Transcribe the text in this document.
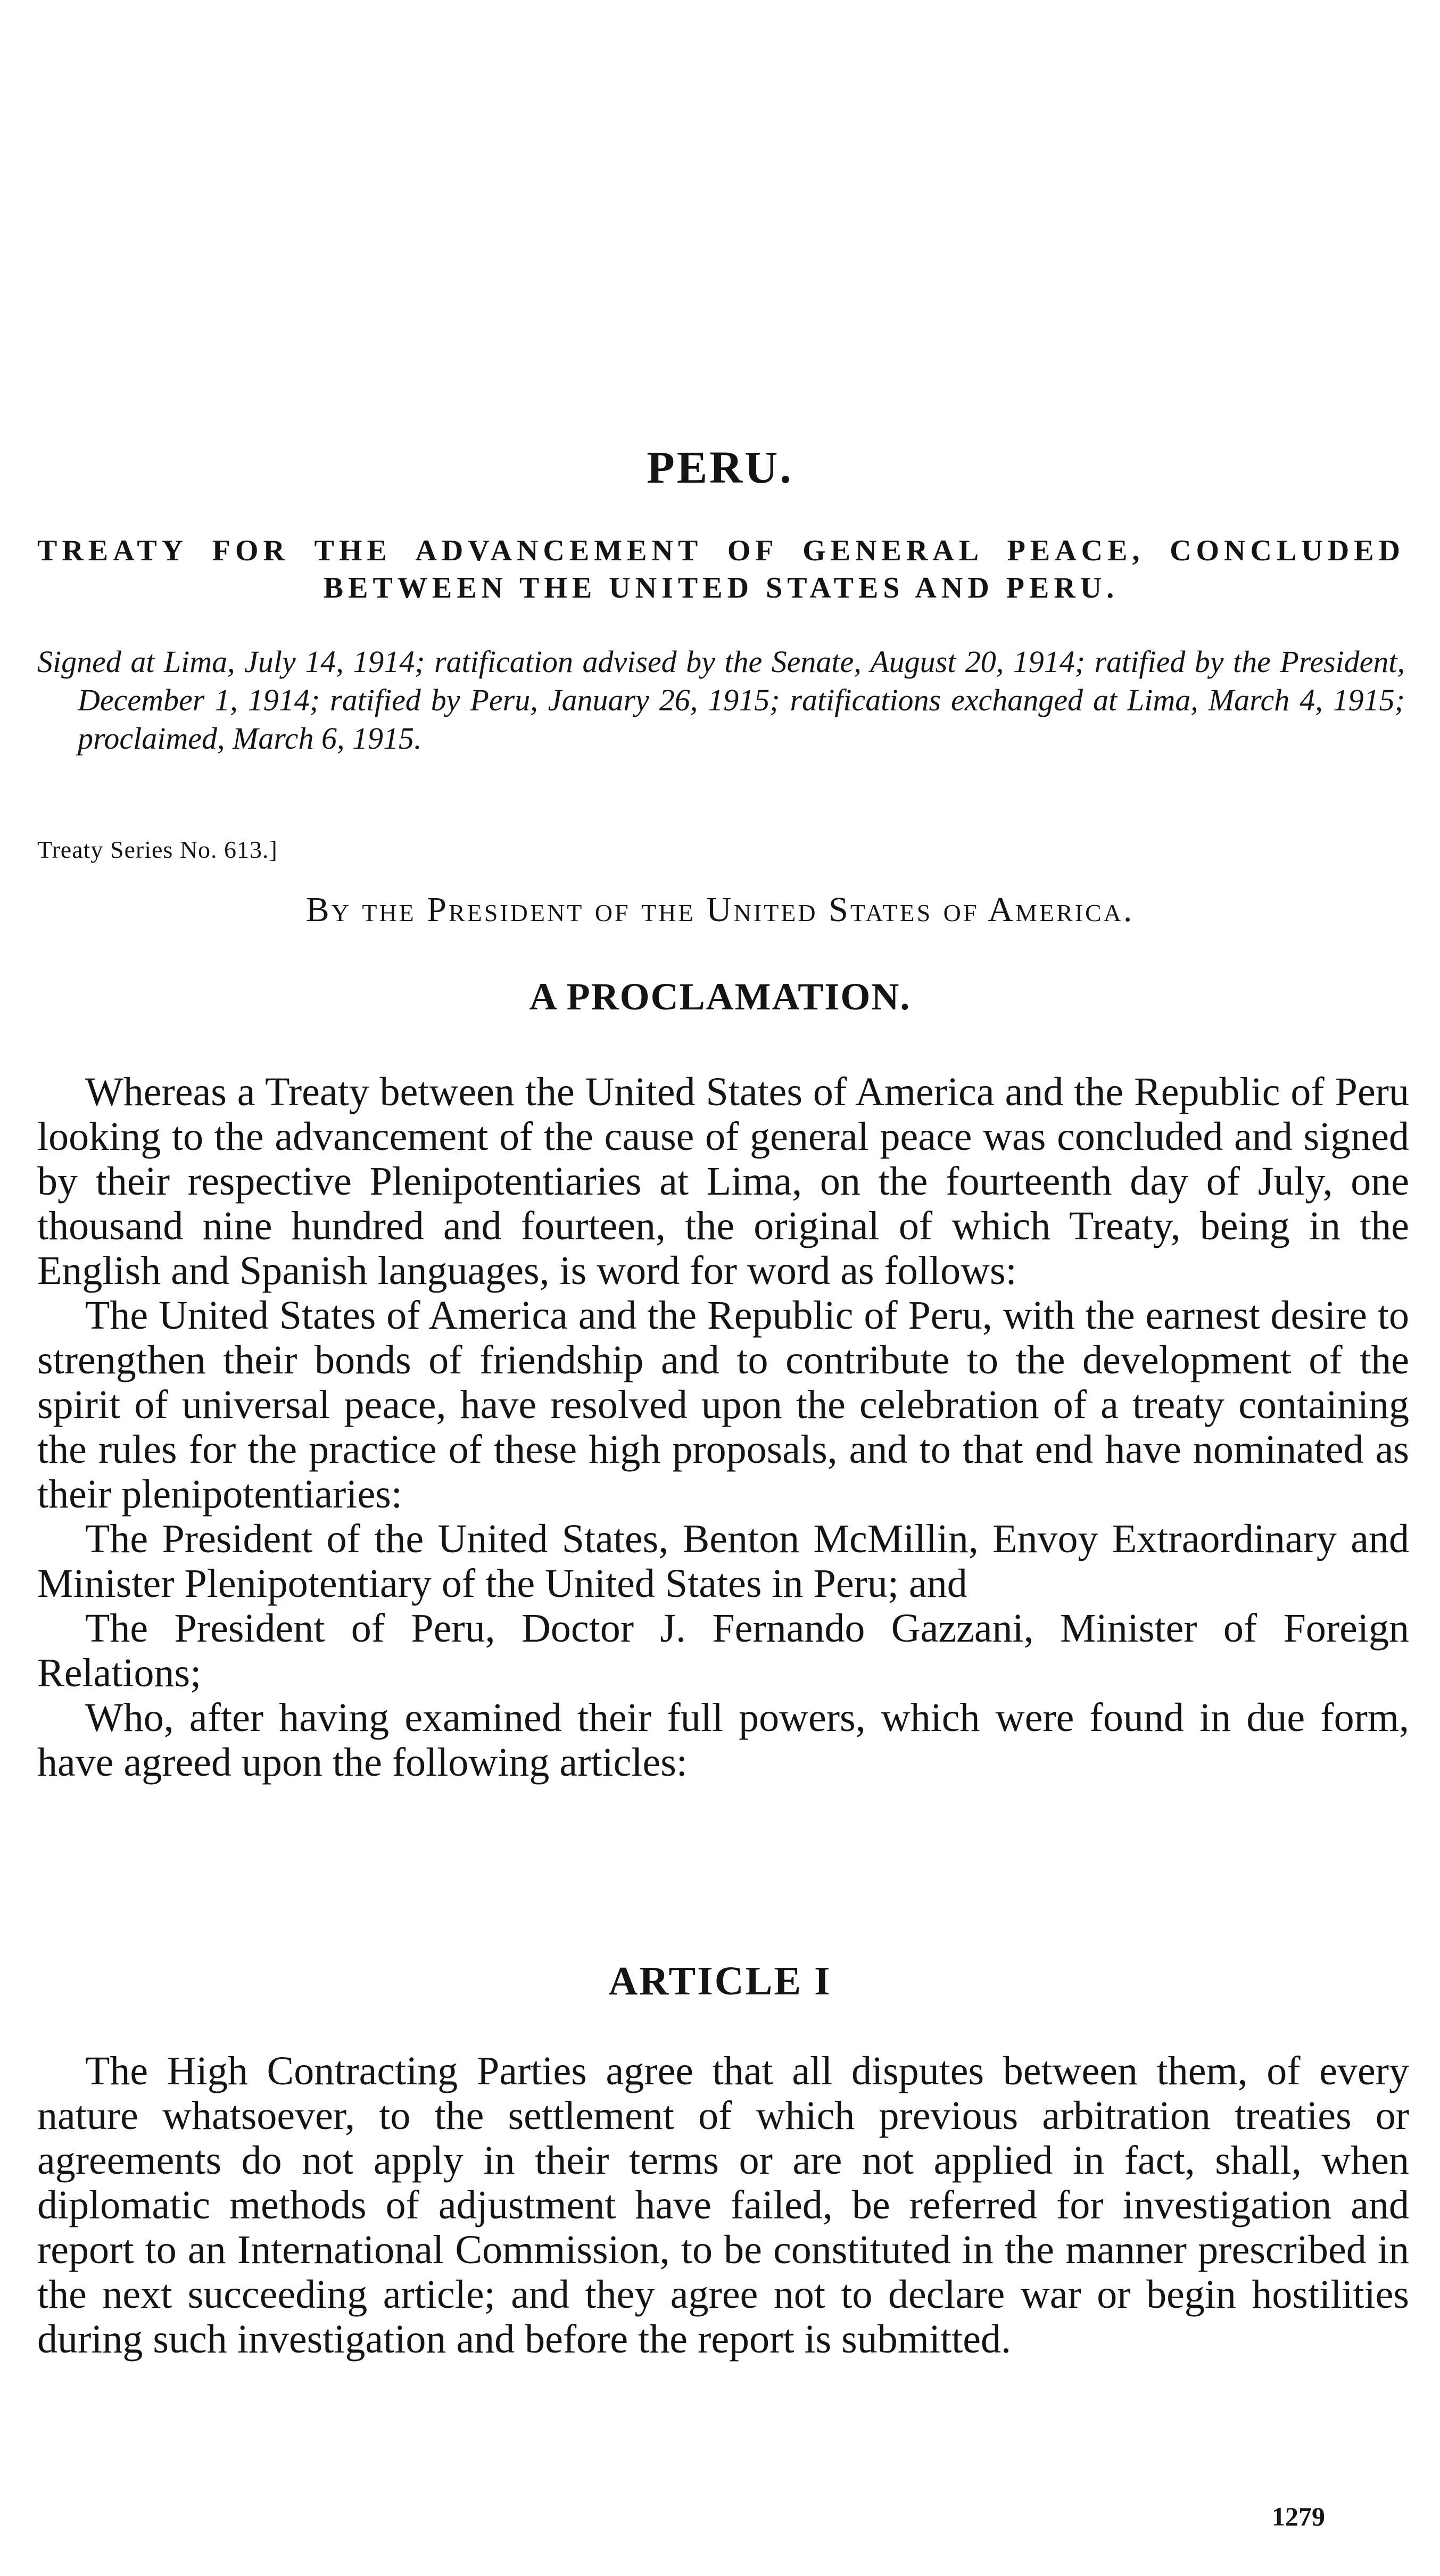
PERU.
TREATY FOR THE ADVANCEMENT OF GENERAL PEACE, CONCLUDED BETWEEN THE UNITED STATES AND PERU.

Signed at Lima, July 14, 1914; ratification advised by the Senate, August 20, 1914; ratified by the President, December 1, 1914; ratified by Peru, January 26, 1915; ratifications exchanged at Lima, March 4, 1915; proclaimed, March 6, 1915.

Treaty Series No. 613.]

By the President of the United States of America.

A PROCLAMATION.

Whereas a Treaty between the United States of America and the Republic of Peru looking to the advancement of the cause of general peace was concluded and signed by their respective Plenipotentiaries at Lima, on the fourteenth day of July, one thousand nine hundred and fourteen, the original of which Treaty, being in the English and Spanish languages, is word for word as follows:

The United States of America and the Republic of Peru, with the earnest desire to strengthen their bonds of friendship and to contribute to the development of the spirit of universal peace, have resolved upon the celebration of a treaty containing the rules for the practice of these high proposals, and to that end have nominated as their plenipotentiaries:

The President of the United States, Benton McMillin, Envoy Extraordinary and Minister Plenipotentiary of the United States in Peru; and

The President of Peru, Doctor J. Fernando Gazzani, Minister of Foreign Relations;

Who, after having examined their full powers, which were found in due form, have agreed upon the following articles:

ARTICLE I

The High Contracting Parties agree that all disputes between them, of every nature whatsoever, to the settlement of which previous arbitration treaties or agreements do not apply in their terms or are not applied in fact, shall, when diplomatic methods of adjustment have failed, be referred for investigation and report to an International Commission, to be constituted in the manner prescribed in the next succeeding article; and they agree not to declare war or begin hostilities during such investigation and before the report is submitted.

1279
